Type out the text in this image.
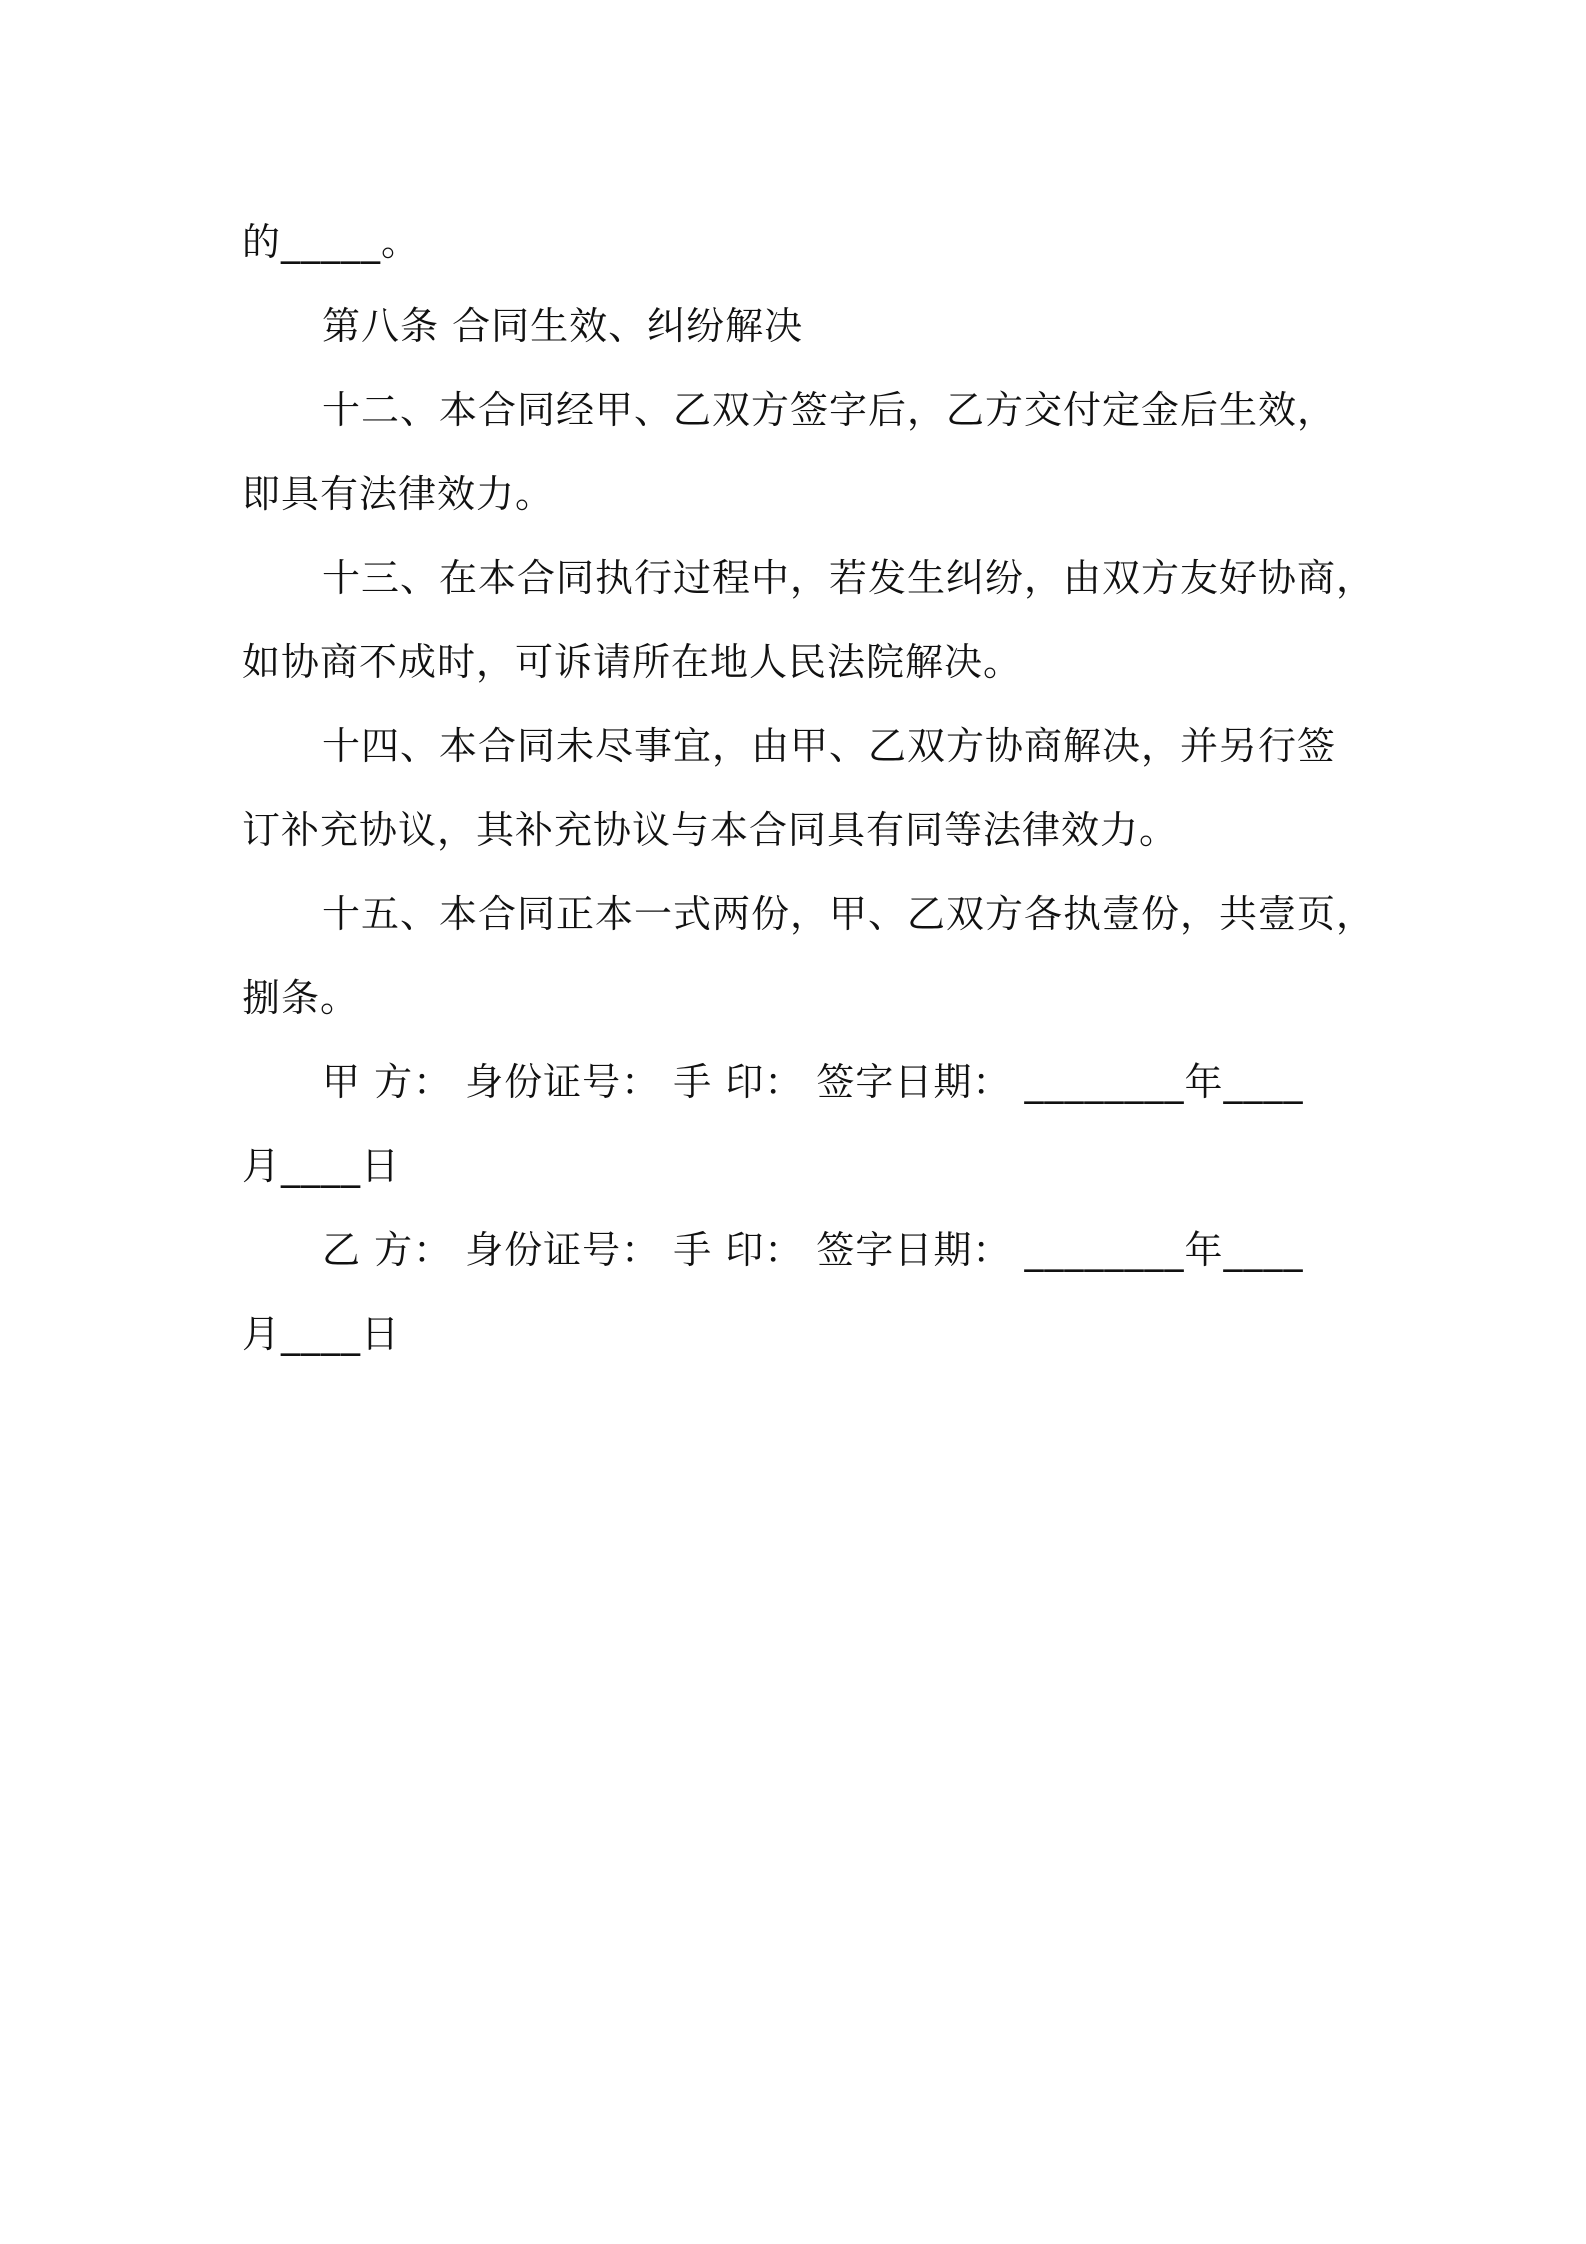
的_____。
第八条 合同生效、纠纷解决
十二、本合同经甲、乙双方签字后，乙方交付定金后生效，
即具有法律效力。
十三、在本合同执行过程中，若发生纠纷，由双方友好协商，
如协商不成时，可诉请所在地人民法院解决。
十四、本合同未尽事宜，由甲、乙双方协商解决，并另行签
订补充协议，其补充协议与本合同具有同等法律效力。
十五、本合同正本一式两份，甲、乙双方各执壹份，共壹页，
捌条。
甲 方： 身份证号： 手 印： 签字日期： ________年____
月____日
乙 方： 身份证号： 手 印： 签字日期： ________年____
月____日
